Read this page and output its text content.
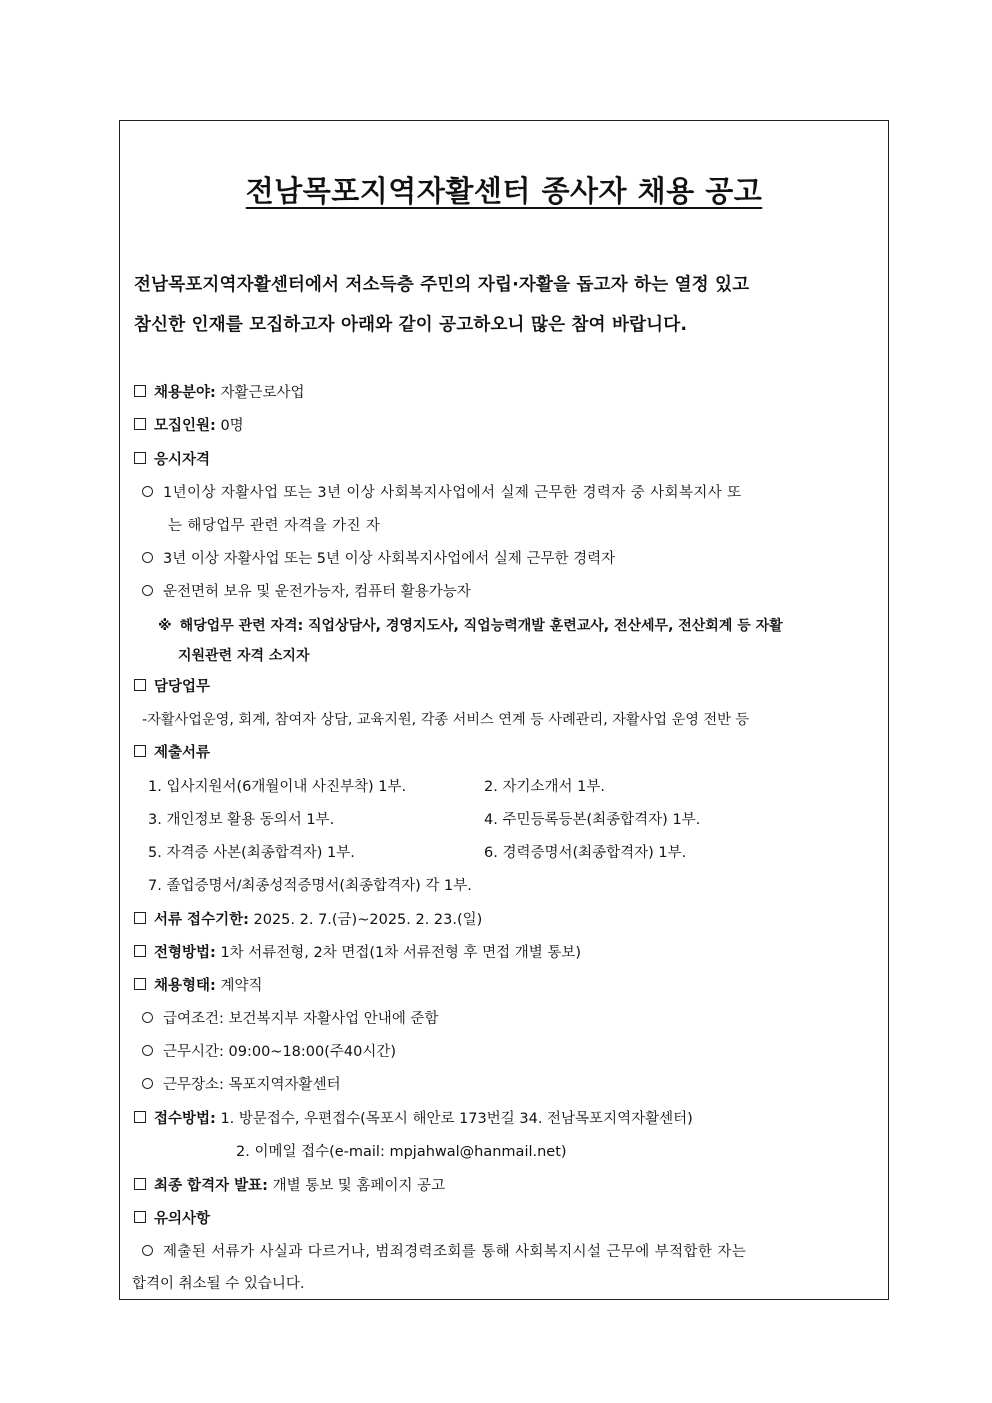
전남목포지역자활센터 종사자 채용 공고
전남목포지역자활센터에서 저소득층 주민의 자립·자활을 돕고자 하는 열정 있고
참신한 인재를 모집하고자 아래와 같이 공고하오니 많은 참여 바랍니다.
채용분야: 자활근로사업
모집인원: 0명
응시자격
1년이상 자활사업 또는 3년 이상 사회복지사업에서 실제 근무한 경력자 중 사회복지사 또
는 해당업무 관련 자격을 가진 자
3년 이상 자활사업 또는 5년 이상 사회복지사업에서 실제 근무한 경력자
운전면허 보유 및 운전가능자, 컴퓨터 활용가능자
※ 해당업무 관련 자격: 직업상담사, 경영지도사, 직업능력개발 훈련교사, 전산세무, 전산회계 등 자활
지원관련 자격 소지자
담당업무
-자활사업운영, 회계, 참여자 상담, 교육지원, 각종 서비스 연계 등 사례관리, 자활사업 운영 전반 등
제출서류
1. 입사지원서(6개월이내 사진부착) 1부.	2. 자기소개서 1부.
3. 개인정보 활용 동의서 1부.	4. 주민등록등본(최종합격자) 1부.
5. 자격증 사본(최종합격자) 1부.	6. 경력증명서(최종합격자) 1부.
7. 졸업증명서/최종성적증명서(최종합격자) 각 1부.
서류 접수기한: 2025. 2. 7.(금)~2025. 2. 23.(일)
전형방법: 1차 서류전형, 2차 면접(1차 서류전형 후 면접 개별 통보)
채용형태: 계약직
급여조건: 보건복지부 자활사업 안내에 준함
근무시간: 09:00~18:00(주40시간)
근무장소: 목포지역자활센터
접수방법: 1. 방문접수, 우편접수(목포시 해안로 173번길 34. 전남목포지역자활센터)
2. 이메일 접수(e-mail: mpjahwal@hanmail.net)
최종 합격자 발표: 개별 통보 및 홈페이지 공고
유의사항
제출된 서류가 사실과 다르거나, 범죄경력조회를 통해 사회복지시설 근무에 부적합한 자는
합격이 취소될 수 있습니다.
